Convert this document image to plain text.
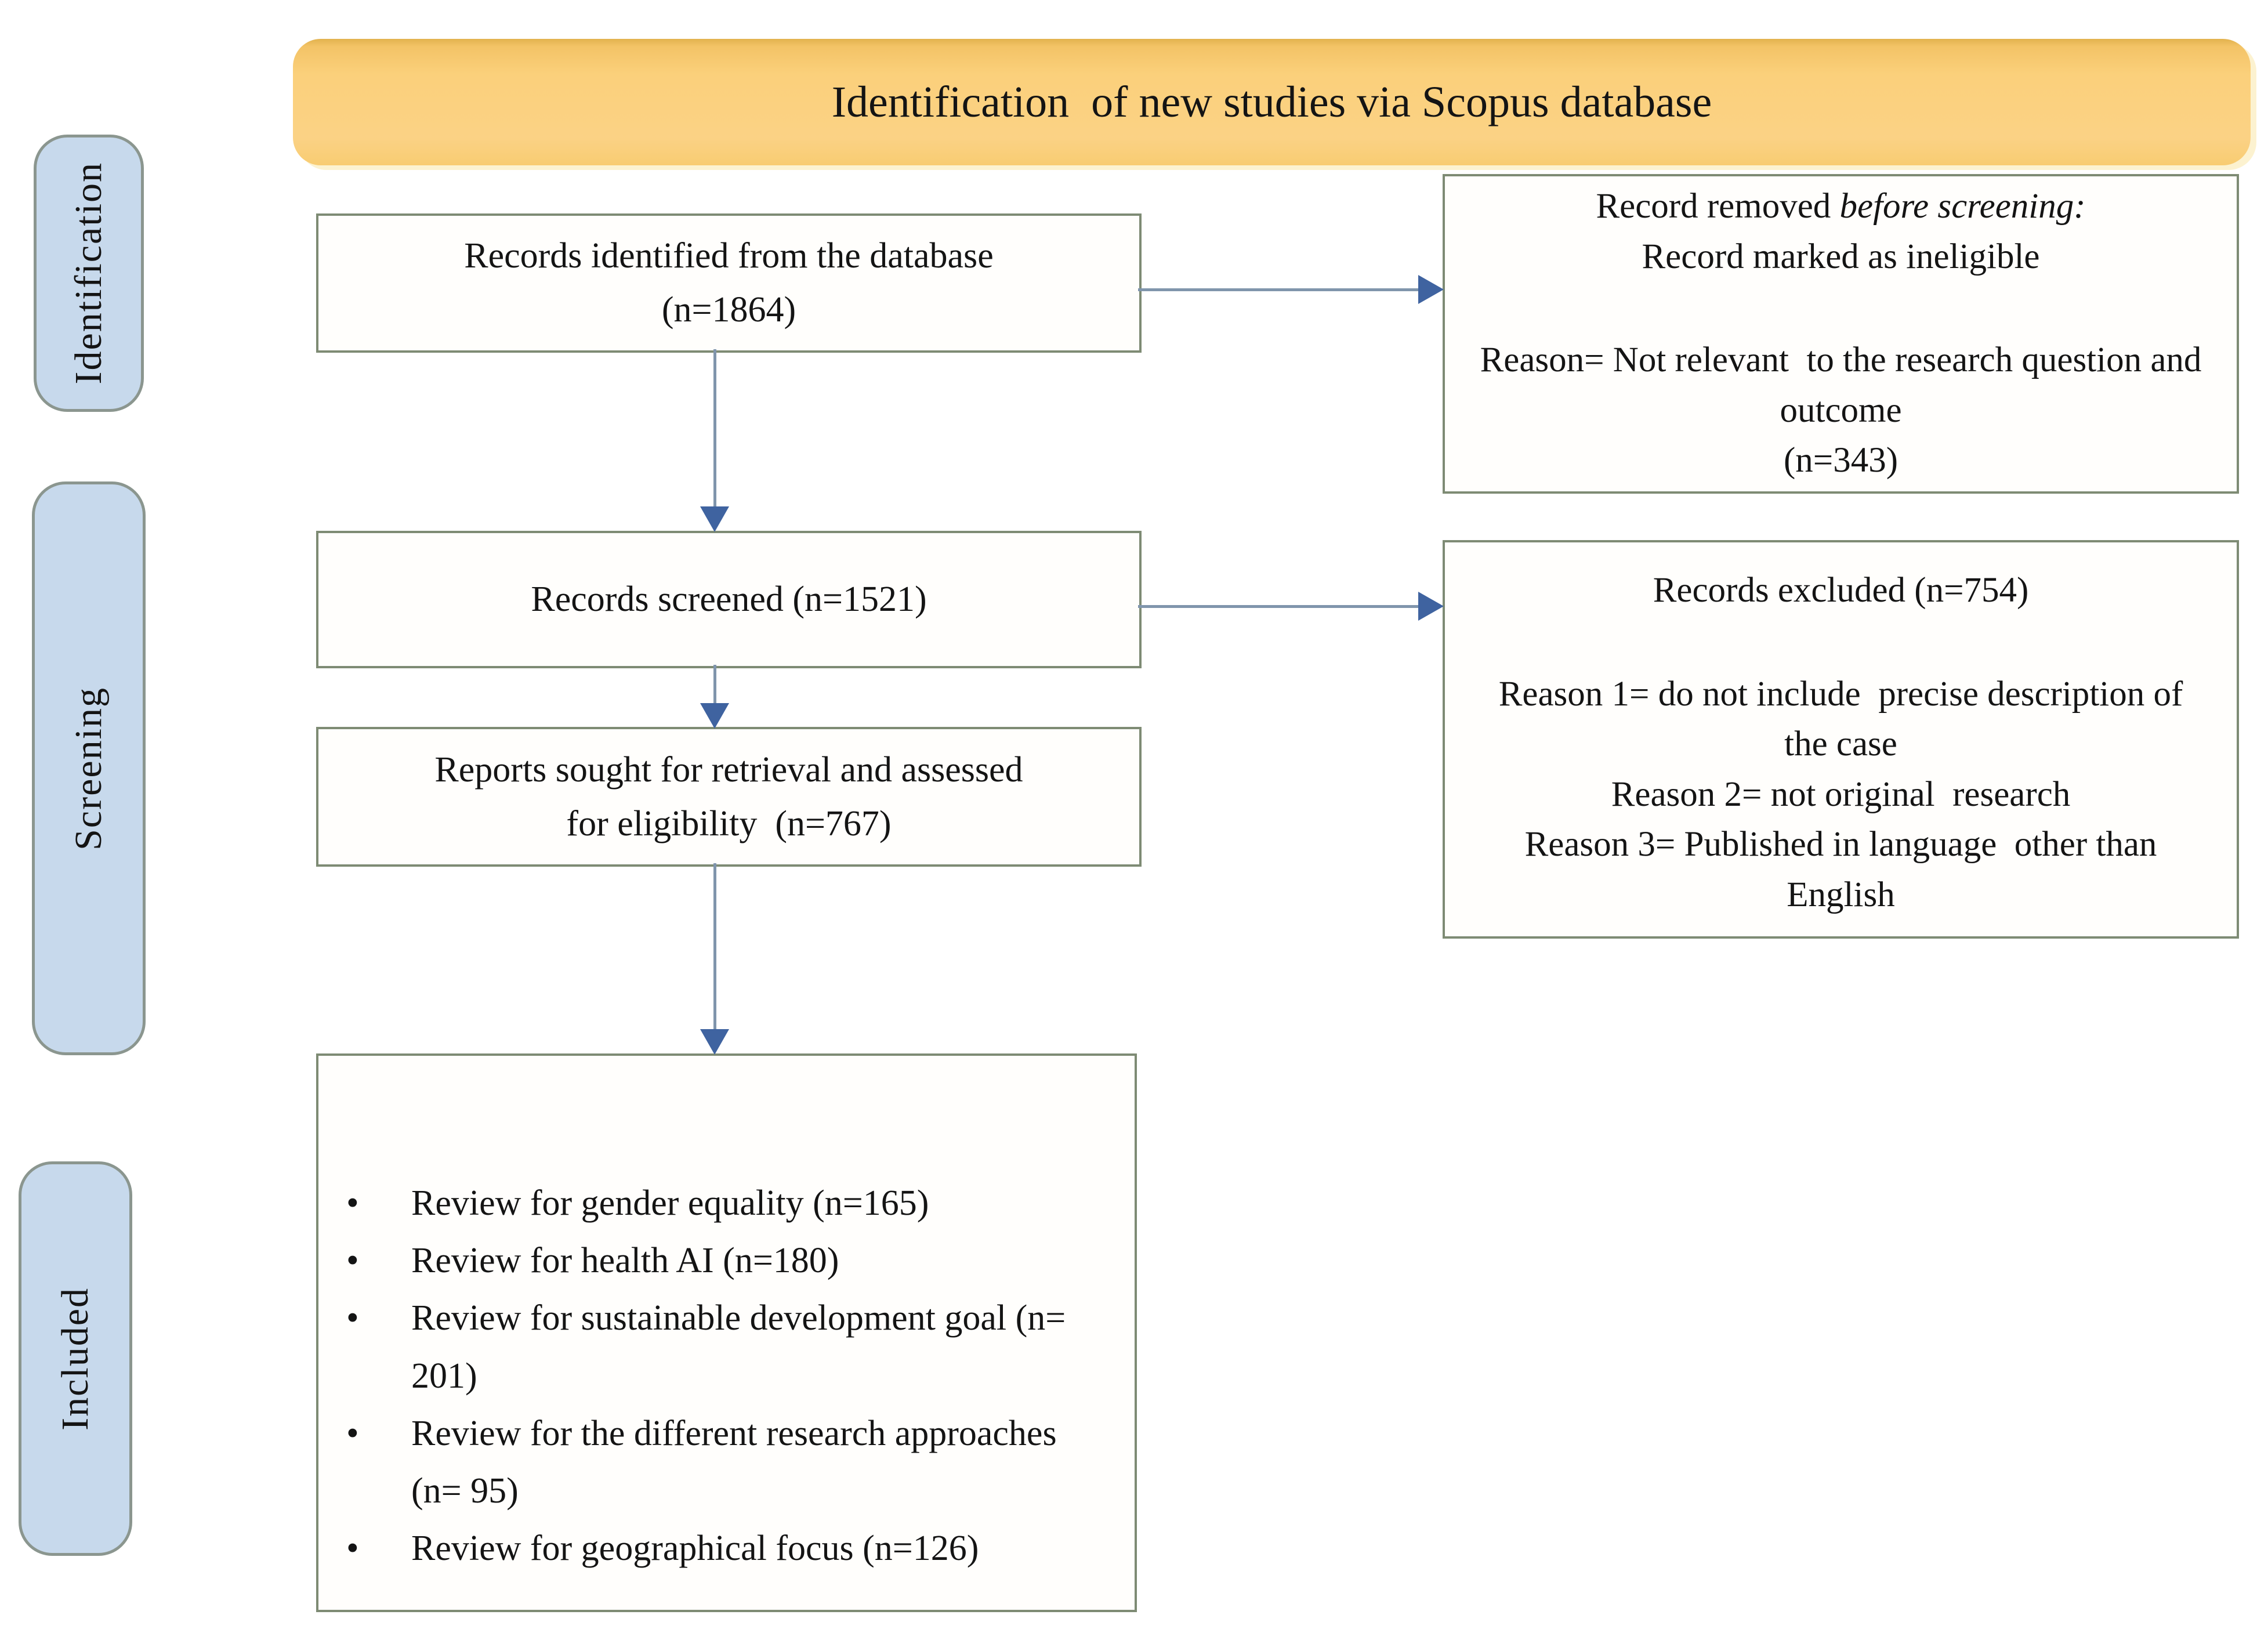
Identification  of new studies via Scopus database
Identification
Screening
Included
Records identified from the database
(n=1864)
Records screened (n=1521)
Reports sought for retrieval and assessed
for eligibility  (n=767)
• Review for gender equality (n=165)
• Review for health AI (n=180)
• Review for sustainable development goal (n= 201)
• Review for the different research approaches (n= 95)
• Review for geographical focus (n=126)
Record removed before screening:
Record marked as ineligible
Reason= Not relevant  to the research question and outcome
(n=343)
Records excluded (n=754)
Reason 1= do not include  precise description of the case
Reason 2= not original  research
Reason 3= Published in language  other than English
